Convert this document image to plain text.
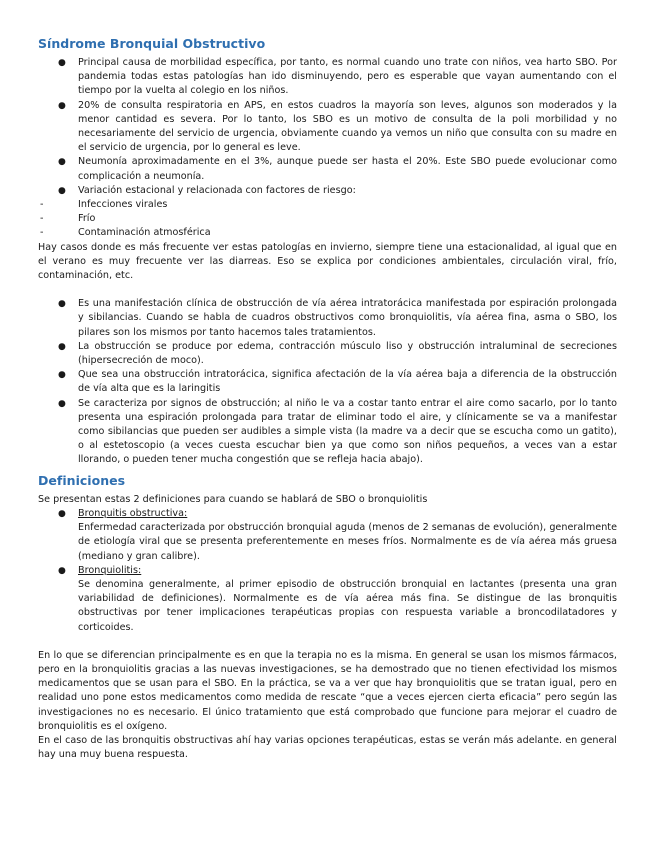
Síndrome Bronquial Obstructivo
● Principal causa de morbilidad específica, por tanto, es normal cuando uno trate con niños, vea harto SBO. Por pandemia todas estas patologías han ido disminuyendo, pero es esperable que vayan aumentando con el tiempo por la vuelta al colegio en los niños.
● 20% de consulta respiratoria en APS, en estos cuadros la mayoría son leves, algunos son moderados y la menor cantidad es severa. Por lo tanto, los SBO es un motivo de consulta de la poli morbilidad y no necesariamente del servicio de urgencia, obviamente cuando ya vemos un niño que consulta con su madre en el servicio de urgencia, por lo general es leve.
● Neumonía aproximadamente en el 3%, aunque puede ser hasta el 20%. Este SBO puede evolucionar como complicación a neumonía.
● Variación estacional y relacionada con factores de riesgo:
-	Infecciones virales
-	Frío
-	Contaminación atmosférica

Hay casos donde es más frecuente ver estas patologías en invierno, siempre tiene una estacionalidad, al igual que en el verano es muy frecuente ver las diarreas. Eso se explica por condiciones ambientales, circulación viral, frío, contaminación, etc.

● Es una manifestación clínica de obstrucción de vía aérea intratorácica manifestada por espiración prolongada y sibilancias. Cuando se habla de cuadros obstructivos como bronquiolitis, vía aérea fina, asma o SBO, los pilares son los mismos por tanto hacemos tales tratamientos.
● La obstrucción se produce por edema, contracción músculo liso y obstrucción intraluminal de secreciones (hipersecreción de moco).
● Que sea una obstrucción intratorácica, significa afectación de la vía aérea baja a diferencia de la obstrucción de vía alta que es la laringitis
● Se caracteriza por signos de obstrucción; al niño le va a costar tanto entrar el aire como sacarlo, por lo tanto presenta una espiración prolongada para tratar de eliminar todo el aire, y clínicamente se va a manifestar como sibilancias que pueden ser audibles a simple vista (la madre va a decir que se escucha como un gatito), o al estetoscopio (a veces cuesta escuchar bien ya que como son niños pequeños, a veces van a estar llorando, o pueden tener mucha congestión que se refleja hacia abajo).
Definiciones

Se presentan estas 2 definiciones para cuando se hablará de SBO o bronquiolitis

● Bronquitis obstructiva:
Enfermedad caracterizada por obstrucción bronquial aguda (menos de 2 semanas de evolución), generalmente de etiología viral que se presenta preferentemente en meses fríos. Normalmente es de vía aérea más gruesa (mediano y gran calibre).
● Bronquiolitis:
Se denomina generalmente, al primer episodio de obstrucción bronquial en lactantes (presenta una gran variabilidad de definiciones). Normalmente es de vía aérea más fina. Se distingue de las bronquitis obstructivas por tener implicaciones terapéuticas propias con respuesta variable a broncodilatadores y corticoides.

En lo que se diferencian principalmente es en que la terapia no es la misma. En general se usan los mismos fármacos, pero en la bronquiolitis gracias a las nuevas investigaciones, se ha demostrado que no tienen efectividad los mismos medicamentos que se usan para el SBO. En la práctica, se va a ver que hay bronquiolitis que se tratan igual, pero en realidad uno pone estos medicamentos como medida de rescate “que a veces ejercen cierta eficacia” pero según las investigaciones no es necesario. El único tratamiento que está comprobado que funcione para mejorar el cuadro de bronquiolitis es el oxígeno.

En el caso de las bronquitis obstructivas ahí hay varias opciones terapéuticas, estas se verán más adelante. en general hay una muy buena respuesta.
